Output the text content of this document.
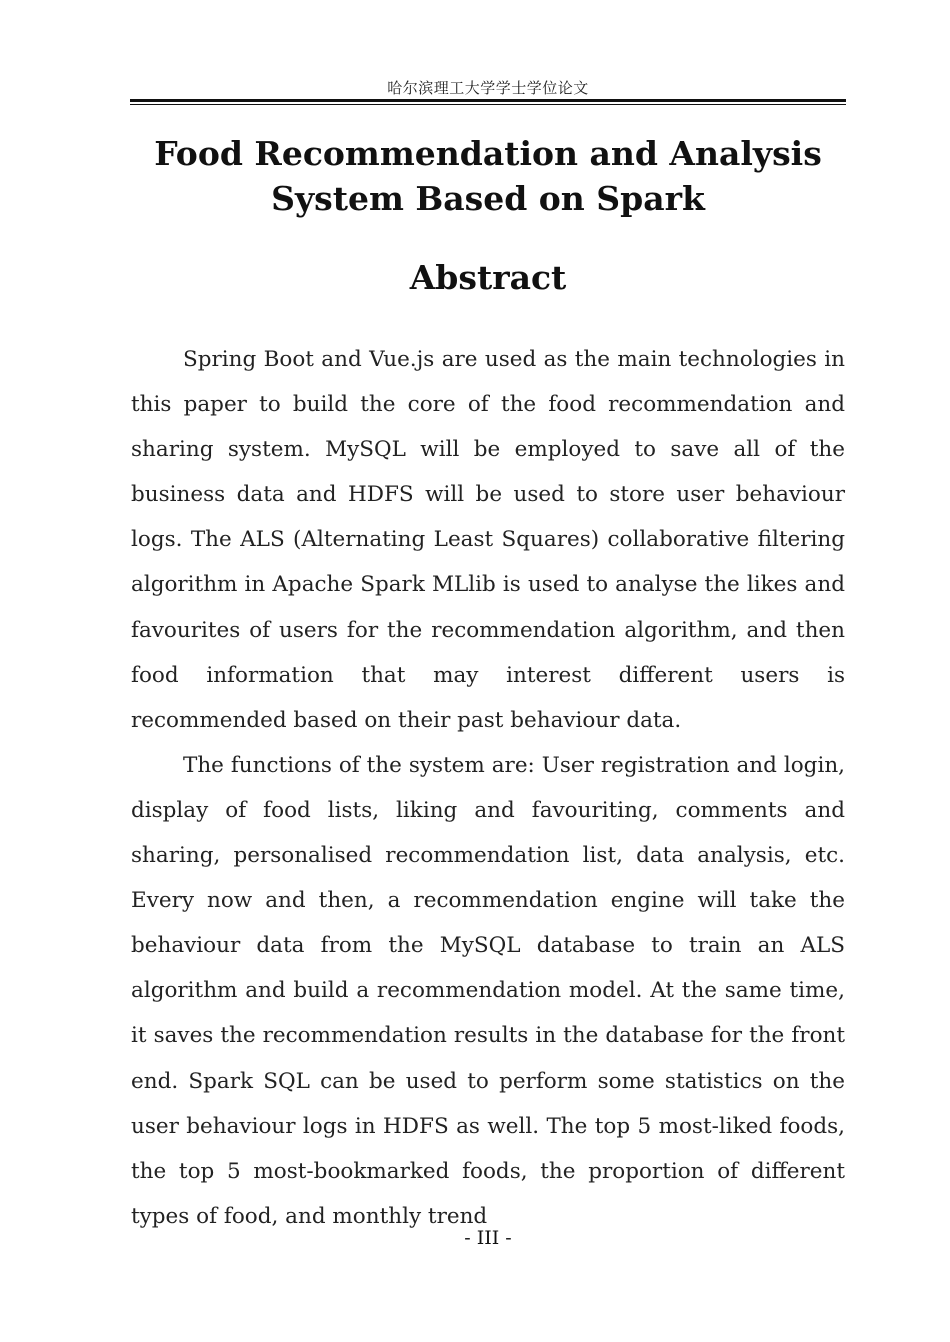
哈尔滨理工大学学士学位论文
Food Recommendation and Analysis
System Based on Spark
Abstract

Spring Boot and Vue.js are used as the main technologies in this paper to build the core of the food recommendation and sharing system. MySQL will be employed to save all of the business data and HDFS will be used to store user behaviour logs. The ALS (Alternating Least Squares) collaborative filtering algorithm in Apache Spark MLlib is used to analyse the likes and favourites of users for the recommendation algorithm, and then food information that may interest different users is recommended based on their past behaviour data.

The functions of the system are: User registration and login, display of food lists, liking and favouriting, comments and sharing, personalised recommendation list, data analysis, etc. Every now and then, a recommendation engine will take the behaviour data from the MySQL database to train an ALS algorithm and build a recommendation model. At the same time, it saves the recommendation results in the database for the front end. Spark SQL can be used to perform some statistics on the user behaviour logs in HDFS as well. The top 5 most-liked foods, the top 5 most-bookmarked foods, the proportion of different types of food, and monthly trend

- III -
